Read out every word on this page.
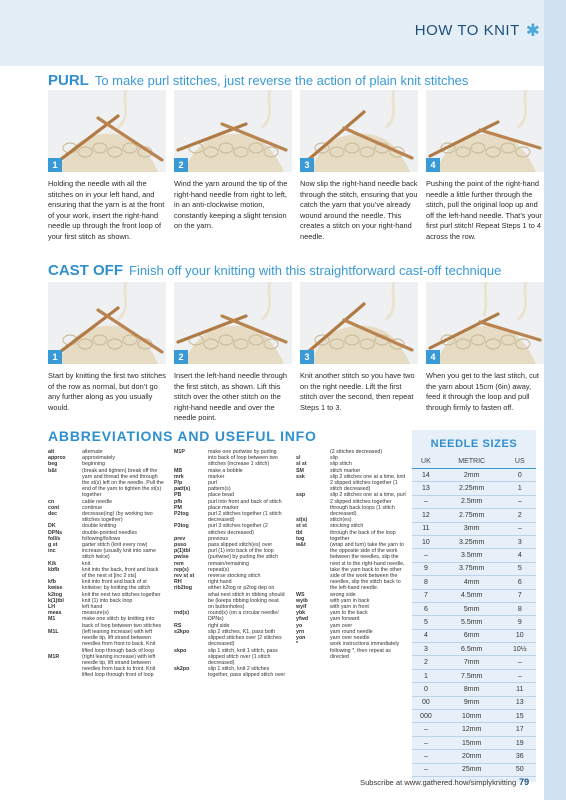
HOW TO KNIT ✱
PURL To make purl stitches, just reverse the action of plain knit stitches
1
Holding the needle with all the stitches on in your left hand, and ensuring that the yarn is at the front of your work, insert the right-hand needle up through the front loop of your first stitch as shown.
2
Wind the yarn around the tip of the right-hand needle from right to left, in an anti-clockwise motion, constantly keeping a slight tension on the yarn.
3
Now slip the right-hand needle back through the stitch, ensuring that you catch the yarn that you’ve already wound around the needle. This creates a stitch on your right-hand needle.
4
Pushing the point of the right-hand needle a little further through the stitch, pull the original loop up and off the left-hand needle. That’s your first purl stitch! Repeat Steps 1 to 4 across the row.
CAST OFF Finish off your knitting with this straightforward cast-off technique
1
Start by knitting the first two stitches of the row as normal, but don’t go any further along as you usually would.
2
Insert the left-hand needle through the first stitch, as shown. Lift this stitch over the other stitch on the right-hand needle and over the needle point.
3
Knit another stitch so you have two on the right needle. Lift the first stitch over the second, then repeat Steps 1 to 3.
4
When you get to the last stitch, cut the yarn about 15cm (6in) away, feed it through the loop and pull through firmly to fasten off.
ABBREVIATIONS AND USEFUL INFO
alt	alternate
approx	approximately
beg	beginning
b&t	(break and tighten) break off the yarn and thread the end through the st(s) left on the needle. Pull the end of the yarn to tighten the st(s) together
cn	cable needle
cont	continue
dec	decrease(ing) (by working two stitches together)
DK	double knitting
DPNs	double-pointed needles
foll/s	following/follows
g st	garter stitch (knit every row)
inc	increase (usually knit into same stitch twice)
K/k	knit
kbfb	knit into the back, front and back of the next st [inc 2 sts]
kfb	knit into front and back of st
kwise	knitwise; by knitting the stitch
k2tog	knit the next two stitches together
k(1)tbl	knit (1) into back loop
LH	left hand
meas	measure(s)
M1	make one stitch by knitting into back of loop between two stitches
M1L	(left leaning increase) with left needle tip, lift strand between needles from front to back. Knit lifted loop through back of loop
M1R	(right leaning increase) with left needle tip, lift strand between needles from back to front. Knit lifted loop through front of loop
M1P	make one purlwise by purling into back of loop between two stitches (increase 1 stitch)
MB	make a bobble
mrk	marker
P/p	purl
patt(s)	pattern(s)
PB	place bead
pfb	purl into front and back of stitch
PM	place marker
P2tog	purl 2 stitches together (1 stitch decreased)
P3tog	purl 3 stitches together (2 stitches decreased)
prev	previous
psso	pass slipped stitch(es) over
p(1)tbl	purl (1) into back of the loop
pwise	(purlwise) by purling the stitch
rem	remain/remaining
rep(s)	repeat(s)
rev st st	reverse stocking stitch
RH	right hand
rib2tog	either k2tog or p2tog dep on what next stitch in ribbing should be (keeps ribbing looking neat on buttonholes)
rnd(s)	round(s) (on a circular needle/ DPNs)
RS	right side
s2kpo	slip 2 stitches, K1, pass both slipped stitches over (2 stitches decreased)
skpo	slip 1 stitch, knit 1 stitch, pass slipped stitch over (1 stitch decreased)
sk2po	slip 1 stitch, knit 2 stitches together, pass slipped stitch over
(2 stitches decreased)
sl	slip
sl st	slip stitch
SM	stitch marker
ssk	slip 2 stitches one at a time, knit 2 slipped stitches together (1 stitch decreased)
ssp	slip 2 stitches one at a time, purl 2 slipped stitches together through back loops (1 stitch decreased)
st(s)	stitch(es)
st st	stocking stitch
tbl	through the back of the loop
tog	together
w&t	(wrap and turn) take the yarn to the opposite side of the work between the needles, slip the next st to the right-hand needle, take the yarn back to the other side of the work between the needles, slip the stitch back to the left-hand needle.
WS	wrong side
wyib	with yarn in back
wyif	with yarn in front
ybk	yarn to the back
yfwd	yarn forward
yo	yarn over
yrn	yarn round needle
yon	yarn over needle
*	work instructions immediately following *, then repeat as directed
NEEDLE SIZES
UK	METRIC	US
14	2mm	0
13	2.25mm	1
–	2.5mm	–
12	2.75mm	2
11	3mm	–
10	3.25mm	3
–	3.5mm	4
9	3.75mm	5
8	4mm	6
7	4.5mm	7
6	5mm	8
5	5.5mm	9
4	6mm	10
3	6.5mm	10½
2	7mm	–
1	7.5mm	–
0	8mm	11
00	9mm	13
000	10mm	15
–	12mm	17
–	15mm	19
–	20mm	36
–	25mm	50
Subscribe at www.gathered.how/simplyknitting 79
